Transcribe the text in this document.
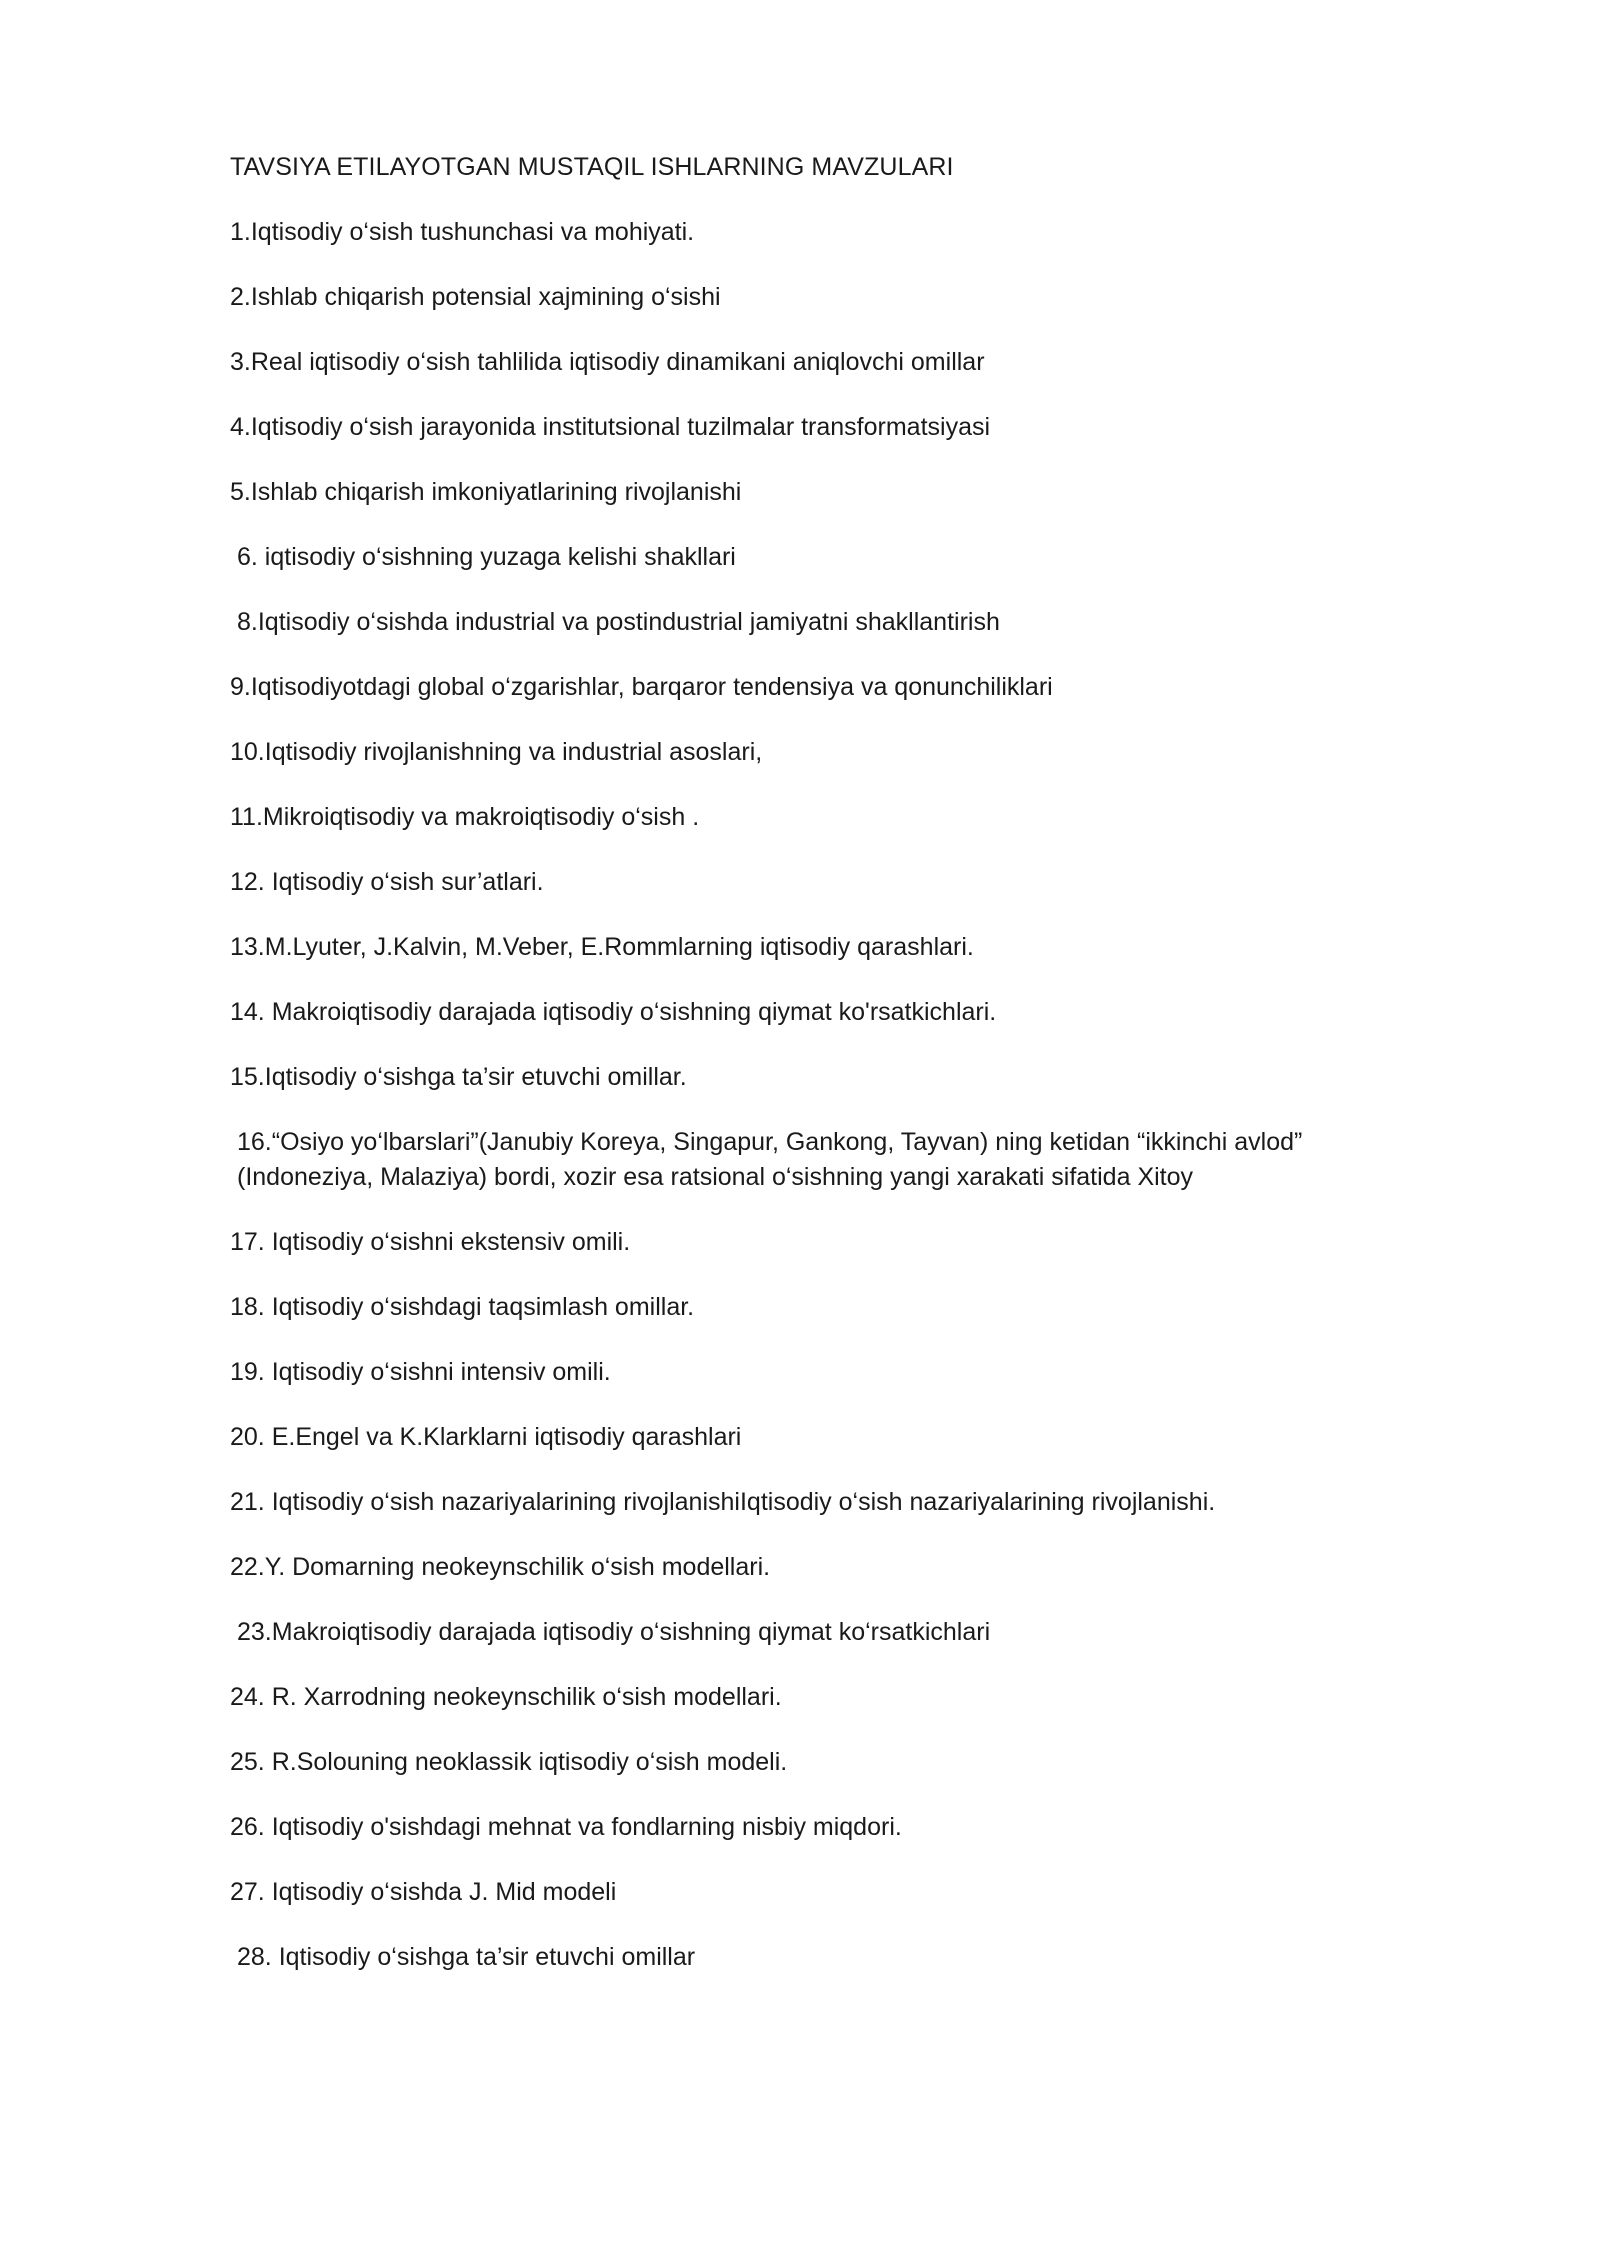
TAVSIYA ETILAYOTGAN MUSTAQIL ISHLARNING MAVZULARI
1.Iqtisodiy o‘sish tushunchasi va mohiyati.
2.Ishlab chiqarish potensial xajmining o‘sishi
3.Real iqtisodiy o‘sish tahlilida iqtisodiy dinamikani aniqlovchi omillar
4.Iqtisodiy o‘sish jarayonida institutsional tuzilmalar transformatsiyasi
5.Ishlab chiqarish imkoniyatlarining rivojlanishi
6. iqtisodiy o‘sishning yuzaga kelishi shakllari
8.Iqtisodiy o‘sishda industrial va postindustrial jamiyatni shakllantirish
9.Iqtisodiyotdagi global o‘zgarishlar, barqaror tendensiya va qonunchiliklari
10.Iqtisodiy rivojlanishning va industrial asoslari,
11.Mikroiqtisodiy va makroiqtisodiy o‘sish .
12. Iqtisodiy o‘sish sur’atlari.
13.M.Lyuter, J.Kalvin, M.Veber, E.Rommlarning iqtisodiy qarashlari.
14. Makroiqtisodiy darajada iqtisodiy o‘sishning qiymat ko'rsatkichlari.
15.Iqtisodiy o‘sishga ta’sir etuvchi omillar.
16.“Osiyo yo‘lbarslari”(Janubiy Koreya, Singapur, Gankong, Tayvan) ning ketidan “ikkinchi avlod” (Indoneziya, Malaziya) bordi, xozir esa ratsional o‘sishning yangi xarakati sifatida Xitoy
17. Iqtisodiy o‘sishni ekstensiv omili.
18. Iqtisodiy o‘sishdagi taqsimlash omillar.
19. Iqtisodiy o‘sishni intensiv omili.
20. E.Engel va K.Klarklarni iqtisodiy qarashlari
21. Iqtisodiy o‘sish nazariyalarining rivojlanishiIqtisodiy o‘sish nazariyalarining rivojlanishi.
22.Y. Domarning neokeynschilik o‘sish modellari.
23.Makroiqtisodiy darajada iqtisodiy o‘sishning qiymat ko‘rsatkichlari
24. R. Xarrodning neokeynschilik o‘sish modellari.
25. R.Solouning neoklassik iqtisodiy o‘sish modeli.
26. Iqtisodiy o'sishdagi mehnat va fondlarning nisbiy miqdori.
27. Iqtisodiy o‘sishda J. Mid modeli
28. Iqtisodiy o‘sishga ta’sir etuvchi omillar
